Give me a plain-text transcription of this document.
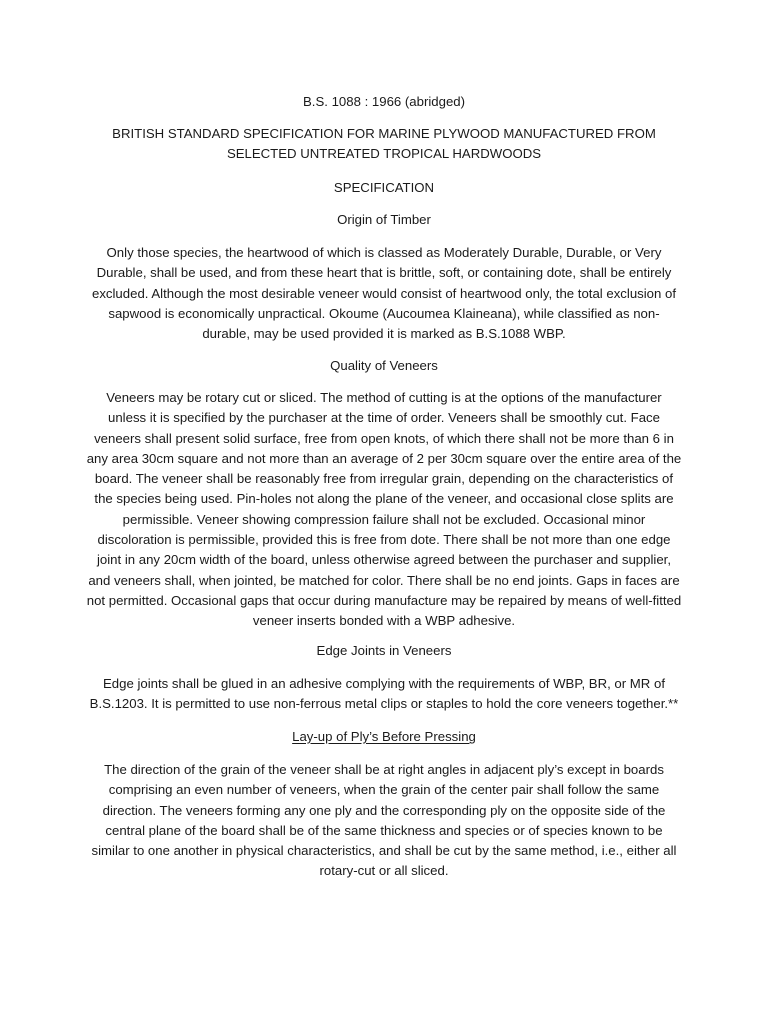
B.S. 1088 : 1966 (abridged)

BRITISH STANDARD SPECIFICATION FOR MARINE PLYWOOD MANUFACTURED FROM SELECTED UNTREATED TROPICAL HARDWOODS

SPECIFICATION

Origin of Timber

Only those species, the heartwood of which is classed as Moderately Durable, Durable, or Very Durable, shall be used, and from these heart that is brittle, soft, or containing dote, shall be entirely excluded. Although the most desirable veneer would consist of heartwood only, the total exclusion of sapwood is economically unpractical. Okoume (Aucoumea Klaineana), while classified as non-durable, may be used provided it is marked as B.S.1088 WBP.

Quality of Veneers

Veneers may be rotary cut or sliced. The method of cutting is at the options of the manufacturer unless it is specified by the purchaser at the time of order. Veneers shall be smoothly cut. Face veneers shall present solid surface, free from open knots, of which there shall not be more than 6 in any area 30cm square and not more than an average of 2 per 30cm square over the entire area of the board. The veneer shall be reasonably free from irregular grain, depending on the characteristics of the species being used. Pin-holes not along the plane of the veneer, and occasional close splits are permissible. Veneer showing compression failure shall not be excluded. Occasional minor discoloration is permissible, provided this is free from dote. There shall be not more than one edge joint in any 20cm width of the board, unless otherwise agreed between the purchaser and supplier, and veneers shall, when jointed, be matched for color. There shall be no end joints. Gaps in faces are not permitted. Occasional gaps that occur during manufacture may be repaired by means of well-fitted veneer inserts bonded with a WBP adhesive.

Edge Joints in Veneers

Edge joints shall be glued in an adhesive complying with the requirements of WBP, BR, or MR of B.S.1203. It is permitted to use non-ferrous metal clips or staples to hold the core veneers together.**

Lay-up of Ply’s Before Pressing

The direction of the grain of the veneer shall be at right angles in adjacent ply’s except in boards comprising an even number of veneers, when the grain of the center pair shall follow the same direction. The veneers forming any one ply and the corresponding ply on the opposite side of the central plane of the board shall be of the same thickness and species or of species known to be similar to one another in physical characteristics, and shall be cut by the same method, i.e., either all rotary-cut or all sliced.
